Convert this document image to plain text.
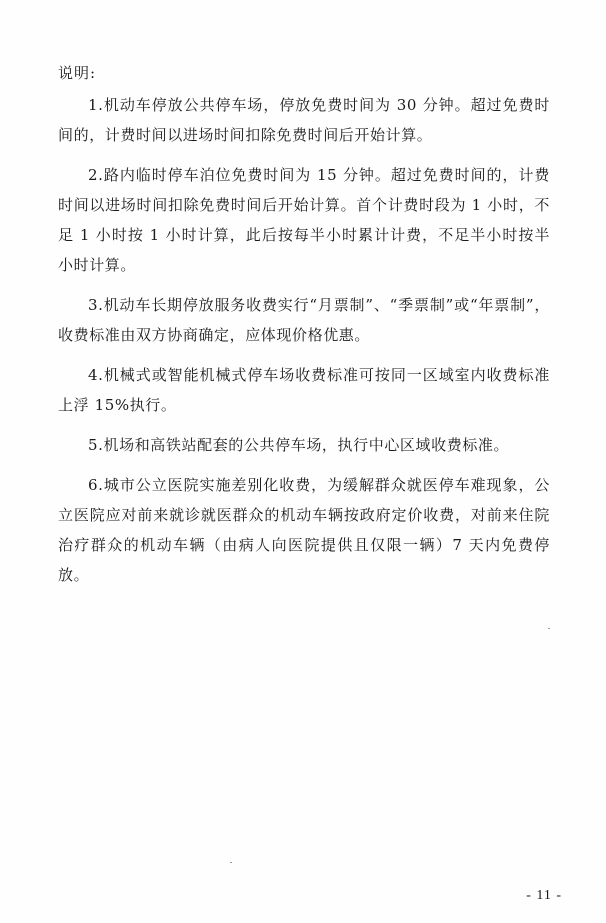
说明:

1.机动车停放公共停车场，停放免费时间为 30 分钟。超过免费时间的，计费时间以进场时间扣除免费时间后开始计算。

2.路内临时停车泊位免费时间为 15 分钟。超过免费时间的，计费时间以进场时间扣除免费时间后开始计算。首个计费时段为 1 小时，不足 1 小时按 1 小时计算，此后按每半小时累计计费，不足半小时按半小时计算。

3.机动车长期停放服务收费实行“月票制”、“季票制”或“年票制”，收费标准由双方协商确定，应体现价格优惠。

4.机械式或智能机械式停车场收费标准可按同一区域室内收费标准上浮 15%执行。

5.机场和高铁站配套的公共停车场，执行中心区域收费标准。

6.城市公立医院实施差别化收费，为缓解群众就医停车难现象，公立医院应对前来就诊就医群众的机动车辆按政府定价收费，对前来住院治疗群众的机动车辆（由病人向医院提供且仅限一辆）7 天内免费停放。

- 11 -
